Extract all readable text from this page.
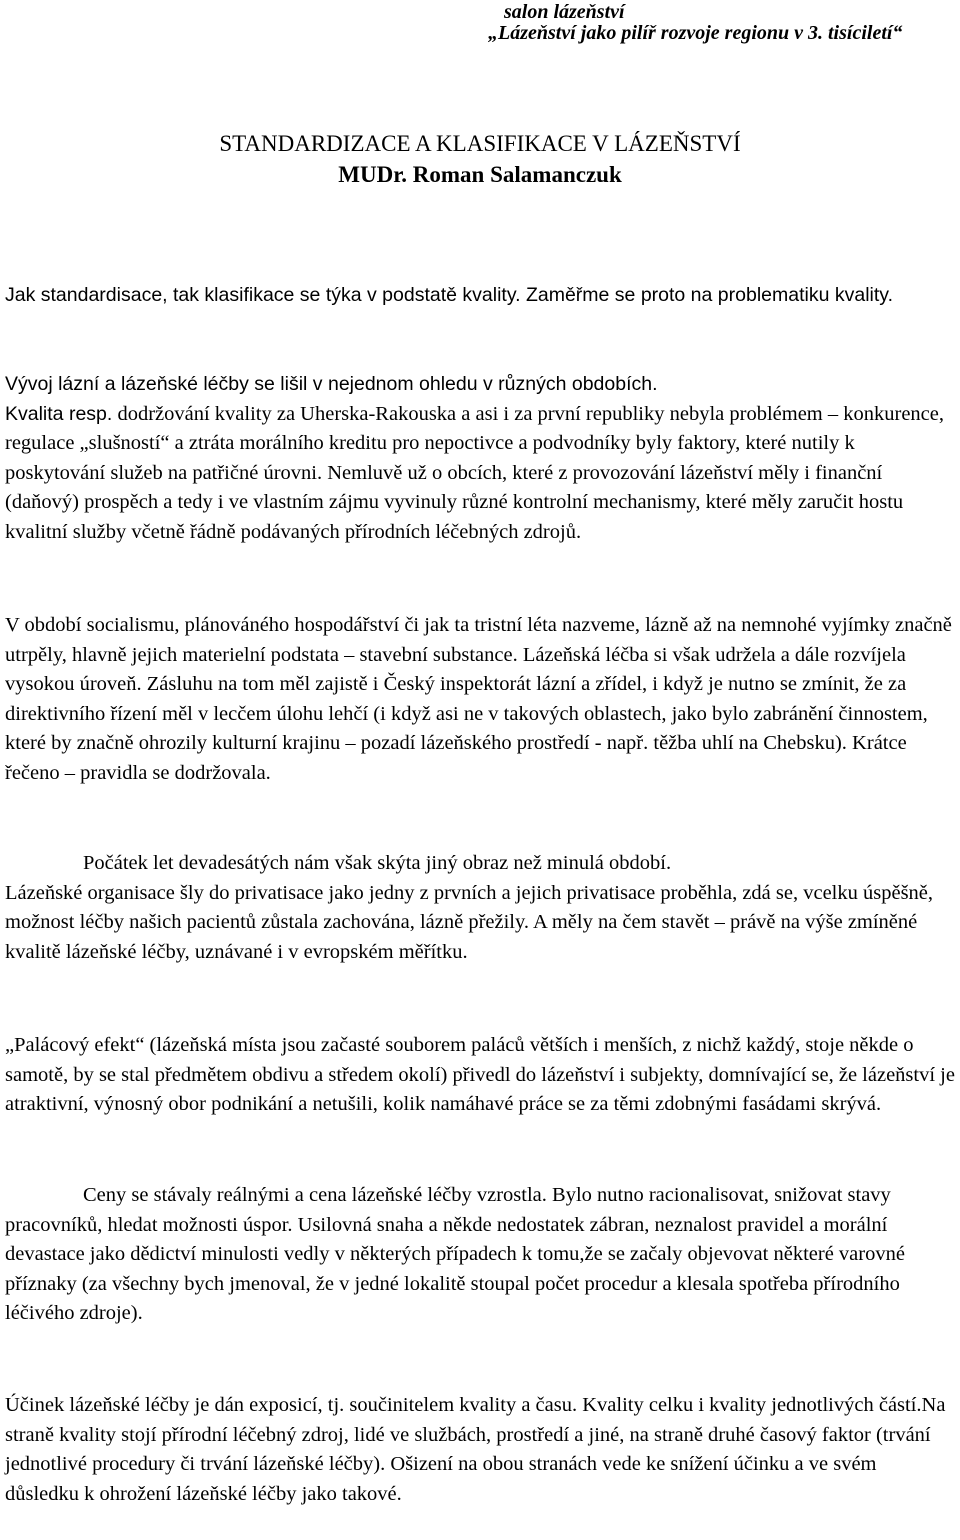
salon lázeňství
„Lázeňství jako pilíř rozvoje regionu v 3. tisíciletí“
STANDARDIZACE A KLASIFIKACE V LÁZEŇSTVÍ
MUDr. Roman Salamanczuk

Jak standardisace, tak klasifikace se týka v podstatě kvality. Zaměřme se proto na problematiku kvality.

Vývoj lázní a lázeňské léčby se lišil v nejednom ohledu v různých obdobích.

Kvalita resp. dodržování kvality za Uherska-Rakouska a asi i za první republiky nebyla problémem – konkurence, regulace „slušností“ a ztráta morálního kreditu pro nepoctivce a podvodníky byly faktory, které nutily k poskytování služeb na patřičné úrovni. Nemluvě už o obcích, které z provozování lázeňství měly i finanční (daňový) prospěch a tedy i ve vlastním zájmu vyvinuly různé kontrolní mechanismy, které měly zaručit hostu kvalitní služby včetně řádně podávaných přírodních léčebných zdrojů.

V období socialismu, plánováného hospodářství či jak ta tristní léta nazveme, lázně až na nemnohé vyjímky značně utrpěly, hlavně jejich materielní podstata – stavební substance. Lázeňská léčba si však udržela a dále rozvíjela vysokou úroveň. Zásluhu na tom měl zajistě i Český inspektorát lázní a zřídel, i když je nutno se zmínit, že za direktivního řízení měl v lecčem úlohu lehčí (i když asi ne v takových oblastech, jako bylo zabránění činnostem, které by značně ohrozily kulturní krajinu – pozadí lázeňského prostředí - např. těžba uhlí na Chebsku). Krátce řečeno – pravidla se dodržovala.

Počátek let devadesátých nám však skýta jiný obraz než minulá období.

Lázeňské organisace šly do privatisace jako jedny z prvních a jejich privatisace proběhla, zdá se, vcelku úspěšně, možnost léčby našich pacientů zůstala zachována, lázně přežily. A měly na čem stavět – právě na výše zmíněné kvalitě lázeňské léčby, uznávané i v evropském měřítku.

„Palácový efekt“ (lázeňská místa jsou začasté souborem paláců větších i menších, z nichž každý, stoje někde o samotě, by se stal předmětem obdivu a středem okolí) přivedl do lázeňství i subjekty, domnívající se, že lázeňství je atraktivní, výnosný obor podnikání a netušili, kolik namáhavé práce se za těmi zdobnými fasádami skrývá.

Ceny se stávaly reálnými a cena lázeňské léčby vzrostla. Bylo nutno racionalisovat, snižovat stavy pracovníků, hledat možnosti úspor. Usilovná snaha a někde nedostatek zábran, neznalost pravidel a morální devastace jako dědictví minulosti vedly v některých případech k tomu,že se začaly objevovat některé varovné příznaky (za všechny bych jmenoval, že v jedné lokalitě stoupal počet procedur a klesala spotřeba přírodního léčivého zdroje).

Účinek lázeňské léčby je dán exposicí, tj. součinitelem kvality a času. Kvality celku i kvality jednotlivých částí.Na straně kvality stojí přírodní léčebný zdroj, lidé ve službách, prostředí a jiné, na straně druhé časový faktor (trvání jednotlivé procedury či trvání lázeňské léčby). Ošizení na obou stranách vede ke snížení účinku a ve svém důsledku k ohrožení lázeňské léčby jako takové.
